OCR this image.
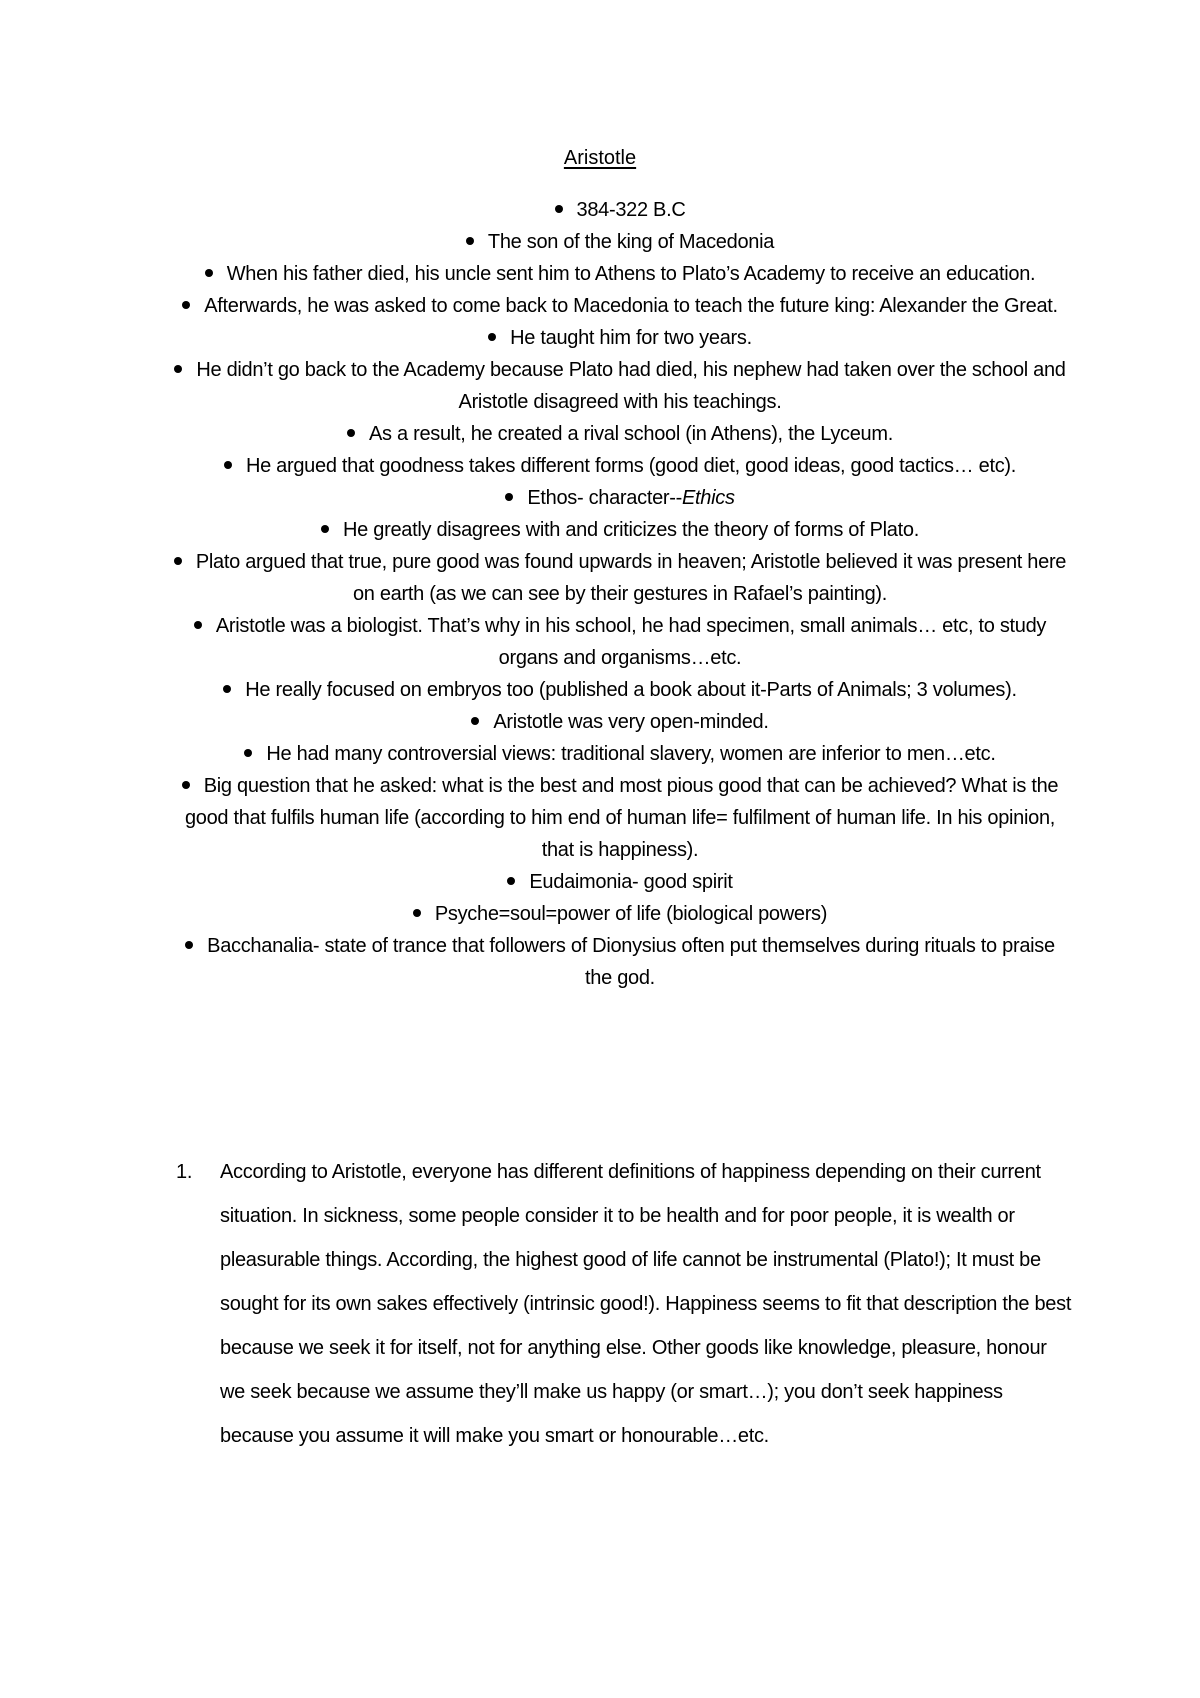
Aristotle
384-322 B.C
The son of the king of Macedonia
When his father died, his uncle sent him to Athens to Plato’s Academy to receive an education.
Afterwards, he was asked to come back to Macedonia to teach the future king: Alexander the Great.
He taught him for two years.
He didn’t go back to the Academy because Plato had died, his nephew had taken over the school and Aristotle disagreed with his teachings.
As a result, he created a rival school (in Athens), the Lyceum.
He argued that goodness takes different forms (good diet, good ideas, good tactics… etc).
Ethos- character--Ethics
He greatly disagrees with and criticizes the theory of forms of Plato.
Plato argued that true, pure good was found upwards in heaven; Aristotle believed it was present here on earth (as we can see by their gestures in Rafael’s painting).
Aristotle was a biologist. That’s why in his school, he had specimen, small animals… etc, to study organs and organisms…etc.
He really focused on embryos too (published a book about it-Parts of Animals; 3 volumes).
Aristotle was very open-minded.
He had many controversial views: traditional slavery, women are inferior to men…etc.
Big question that he asked: what is the best and most pious good that can be achieved? What is the good that fulfils human life (according to him end of human life= fulfilment of human life. In his opinion, that is happiness).
Eudaimonia- good spirit
Psyche=soul=power of life (biological powers)
Bacchanalia- state of trance that followers of Dionysius often put themselves during rituals to praise the god.
1. According to Aristotle, everyone has different definitions of happiness depending on their current situation. In sickness, some people consider it to be health and for poor people, it is wealth or pleasurable things. According, the highest good of life cannot be instrumental (Plato!); It must be sought for its own sakes effectively (intrinsic good!). Happiness seems to fit that description the best because we seek it for itself, not for anything else. Other goods like knowledge, pleasure, honour we seek because we assume they’ll make us happy (or smart…); you don’t seek happiness because you assume it will make you smart or honourable…etc.
